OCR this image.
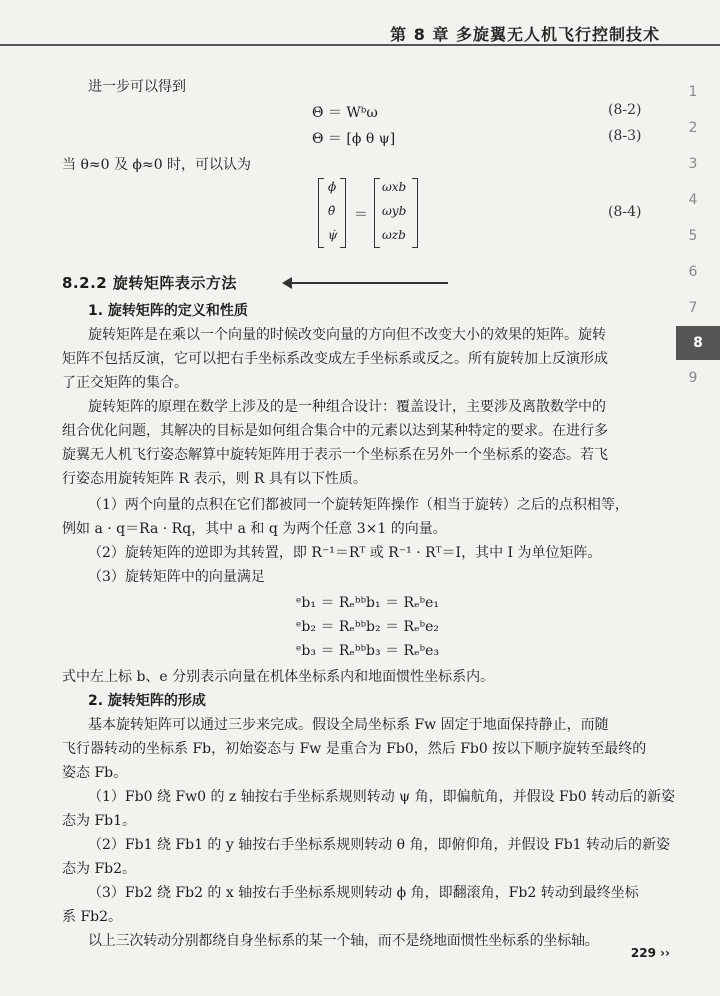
第 8 章 多旋翼无人机飞行控制技术
1
2
3
4
5
6
7
8
9

进一步可以得到

Θ̇ ＝ Wᵇω	(8-2)
Θ ＝ [ϕ θ ψ]	(8-3)

当 θ≈0 及 ϕ≈0 时，可以认为

ϕ̇
θ̇
ψ̇
＝
ωxb
ωyb
ωzb
(8-4)
8.2.2 旋转矩阵表示方法
1. 旋转矩阵的定义和性质

旋转矩阵是在乘以一个向量的时候改变向量的方向但不改变大小的效果的矩阵。旋转

矩阵不包括反演，它可以把右手坐标系改变成左手坐标系或反之。所有旋转加上反演形成

了正交矩阵的集合。

旋转矩阵的原理在数学上涉及的是一种组合设计：覆盖设计，主要涉及离散数学中的

组合优化问题，其解决的目标是如何组合集合中的元素以达到某种特定的要求。在进行多

旋翼无人机飞行姿态解算中旋转矩阵用于表示一个坐标系在另外一个坐标系的姿态。若飞

行姿态用旋转矩阵 R 表示，则 R 具有以下性质。

（1）两个向量的点积在它们都被同一个旋转矩阵操作（相当于旋转）之后的点积相等，

例如 a · q＝Ra · Rq，其中 a 和 q 为两个任意 3×1 的向量。

（2）旋转矩阵的逆即为其转置，即 R⁻¹＝Rᵀ 或 R⁻¹ · Rᵀ＝I，其中 I 为单位矩阵。

（3）旋转矩阵中的向量满足

ᵉb₁ ＝ Rₑᵇᵇb₁ ＝ Rₑᵇe₁
ᵉb₂ ＝ Rₑᵇᵇb₂ ＝ Rₑᵇe₂
ᵉb₃ ＝ Rₑᵇᵇb₃ ＝ Rₑᵇe₃

式中左上标 b、e 分别表示向量在机体坐标系内和地面惯性坐标系内。

2. 旋转矩阵的形成

基本旋转矩阵可以通过三步来完成。假设全局坐标系 Fw 固定于地面保持静止，而随

飞行器转动的坐标系 Fb，初始姿态与 Fw 是重合为 Fb0，然后 Fb0 按以下顺序旋转至最终的

姿态 Fb。

（1）Fb0 绕 Fw0 的 z 轴按右手坐标系规则转动 ψ 角，即偏航角，并假设 Fb0 转动后的新姿

态为 Fb1。

（2）Fb1 绕 Fb1 的 y 轴按右手坐标系规则转动 θ 角，即俯仰角，并假设 Fb1 转动后的新姿

态为 Fb2。

（3）Fb2 绕 Fb2 的 x 轴按右手坐标系规则转动 ϕ 角，即翻滚角，Fb2 转动到最终坐标

系 Fb2。

以上三次转动分别都绕自身坐标系的某一个轴，而不是绕地面惯性坐标系的坐标轴。

229 ››
